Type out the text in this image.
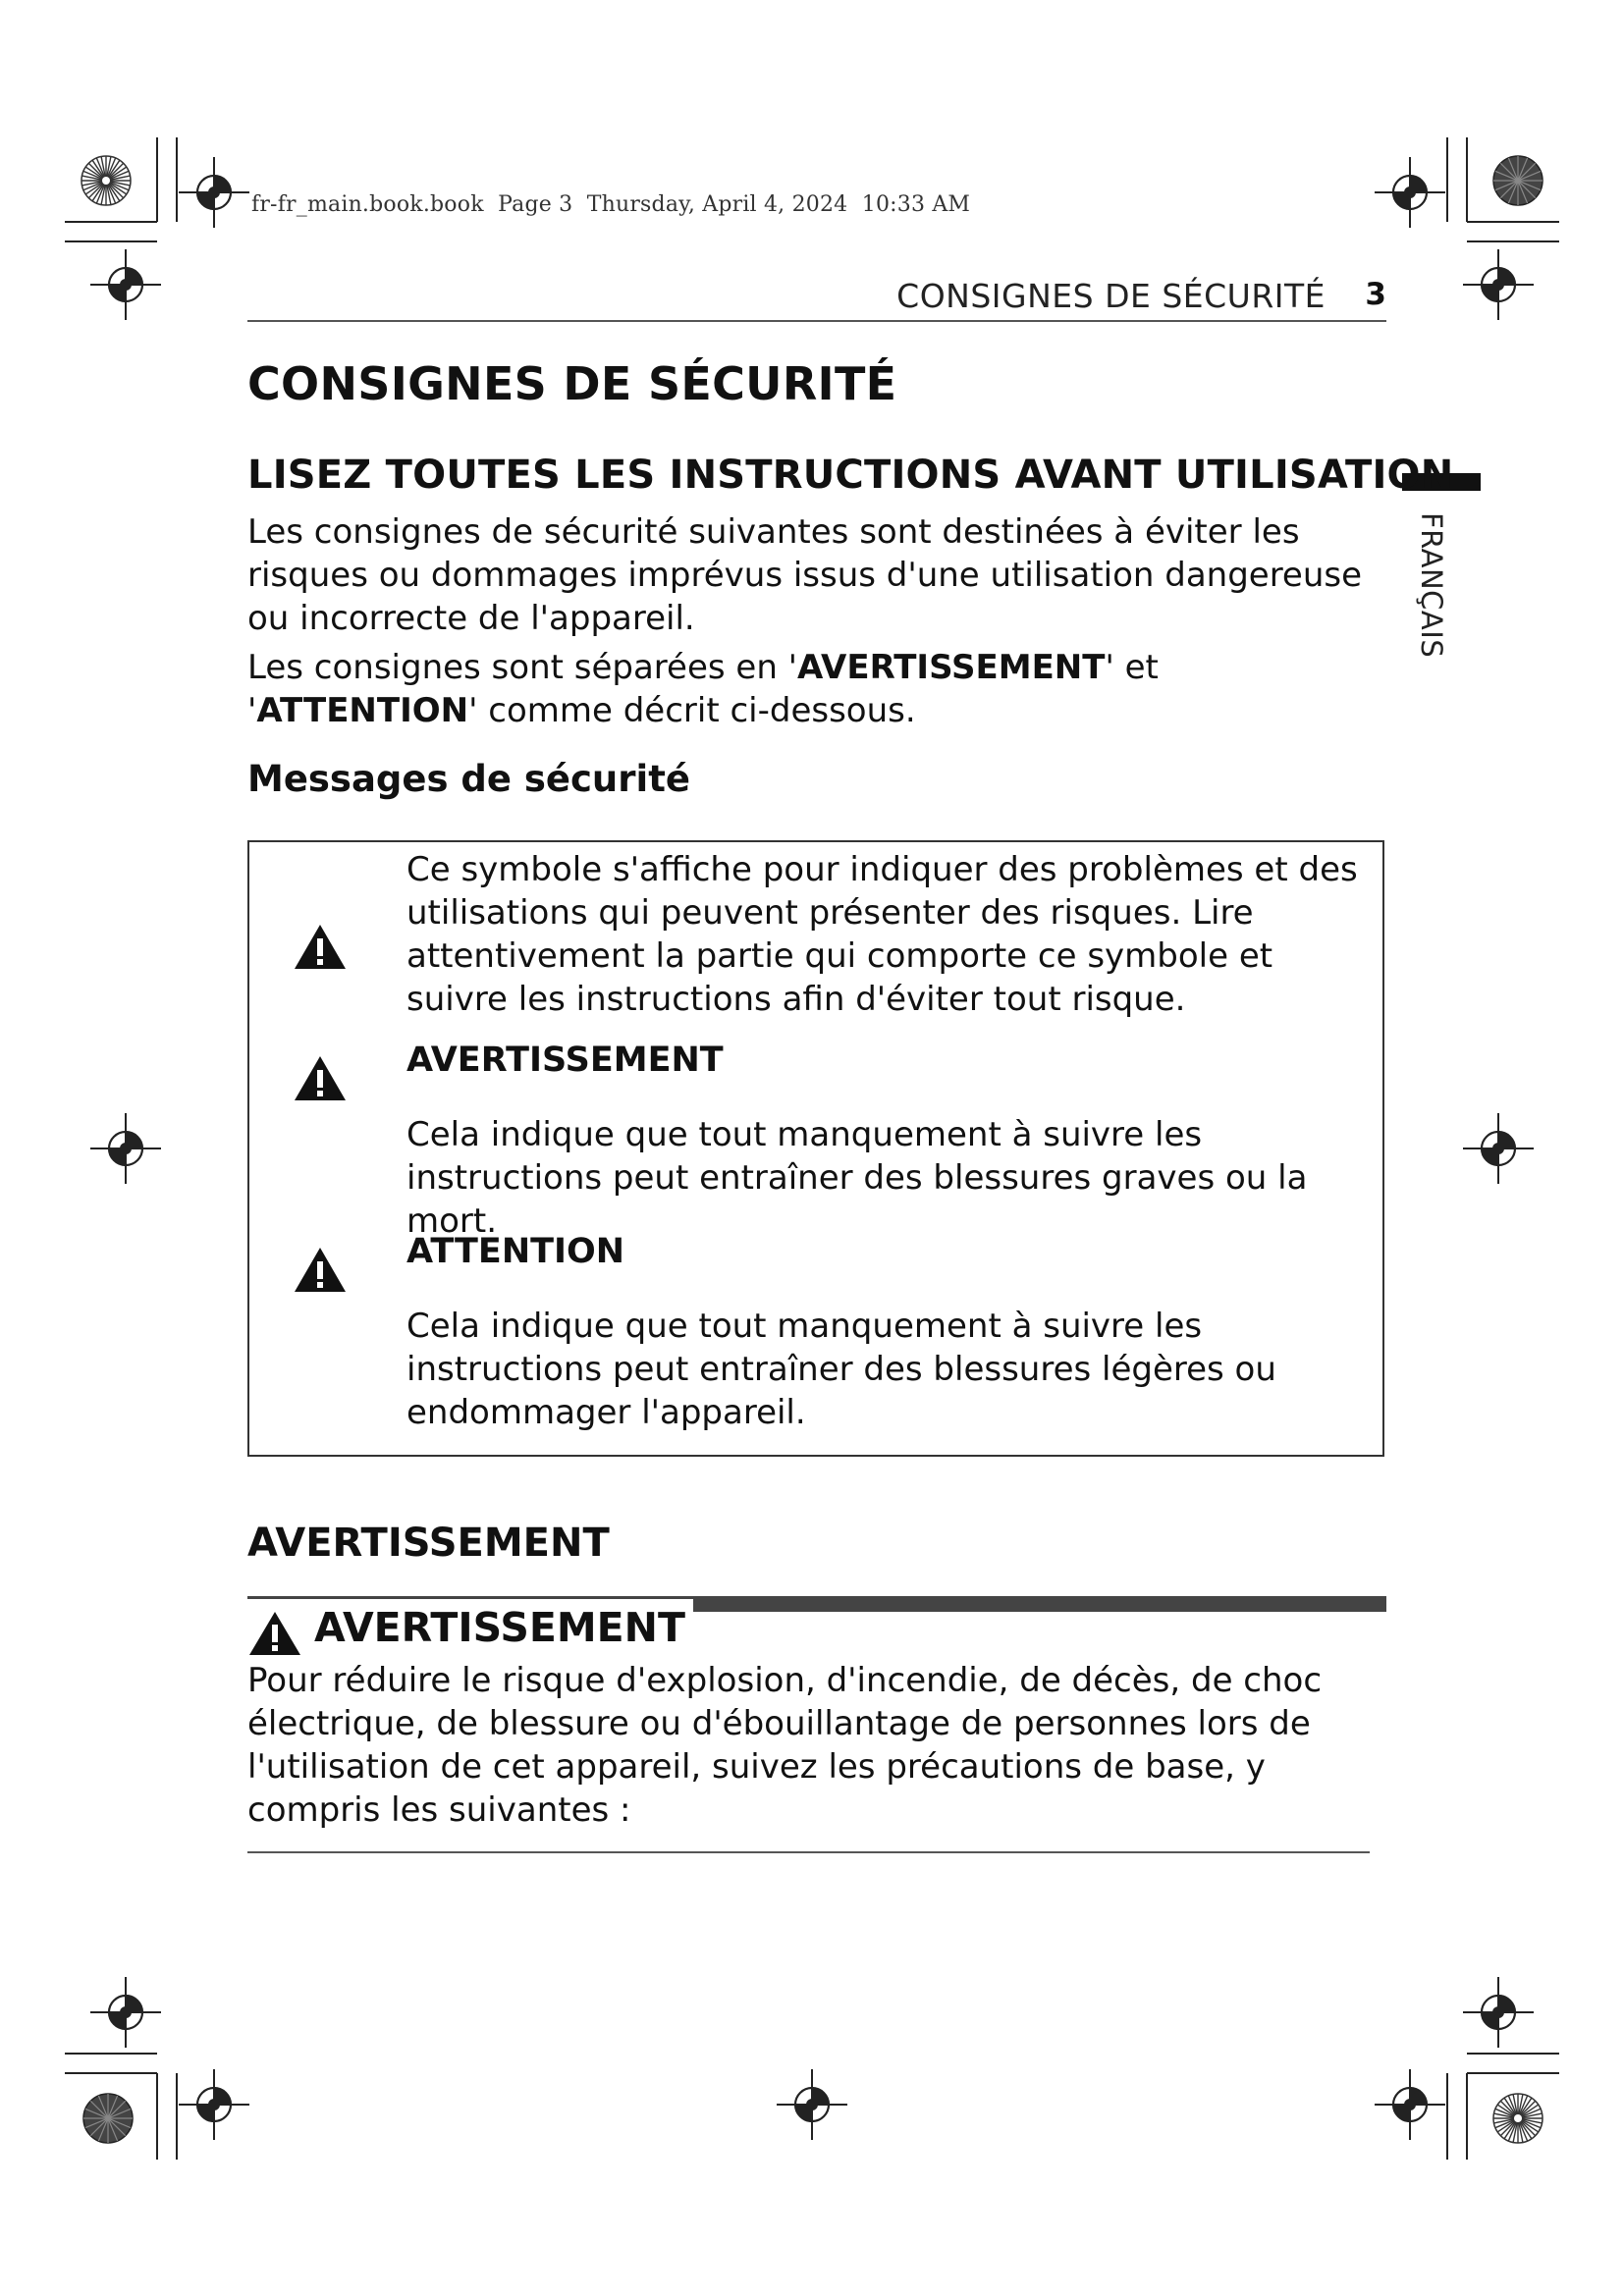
fr-fr_main.book.book  Page 3  Thursday, April 4, 2024  10:33 AM
CONSIGNES DE SÉCURITÉ 3
FRANÇAIS
CONSIGNES DE SÉCURITÉ
LISEZ TOUTES LES INSTRUCTIONS AVANT UTILISATION
Les consignes de sécurité suivantes sont destinées à éviter les risques ou dommages imprévus issus d'une utilisation dangereuse ou incorrecte de l'appareil.
Les consignes sont séparées en 'AVERTISSEMENT' et 'ATTENTION' comme décrit ci-dessous.
Messages de sécurité
Ce symbole s'affiche pour indiquer des problèmes et des utilisations qui peuvent présenter des risques. Lire attentivement la partie qui comporte ce symbole et suivre les instructions afin d'éviter tout risque.
AVERTISSEMENT
Cela indique que tout manquement à suivre les instructions peut entraîner des blessures graves ou la mort.
ATTENTION
Cela indique que tout manquement à suivre les instructions peut entraîner des blessures légères ou endommager l'appareil.
AVERTISSEMENT
AVERTISSEMENT
Pour réduire le risque d'explosion, d'incendie, de décès, de choc électrique, de blessure ou d'ébouillantage de personnes lors de l'utilisation de cet appareil, suivez les précautions de base, y compris les suivantes :
